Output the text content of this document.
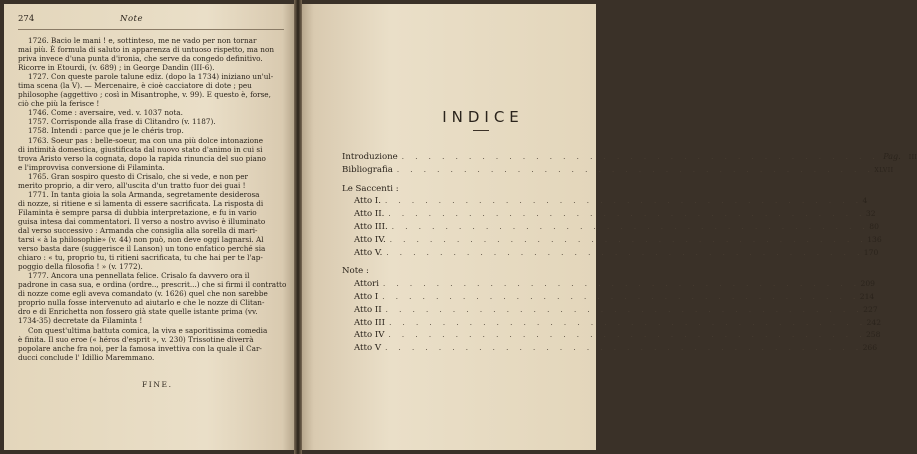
274	Note
1726. Bacio le mani ! e, sottinteso, me ne vado per non tornar
mai più. È formula di saluto in apparenza di untuoso rispetto, ma non
priva invece d'una punta d'ironia, che serve da congedo definitivo.
Ricorre in Etourdi, (v. 689) ; in George Dandin (III-6).
1727. Con queste parole talune ediz. (dopo la 1734) iniziano un'ul-
tima scena (la V). — Mercenaire, è cioè cacciatore di dote ; peu
philosophe (aggettivo ; così in Misantrophe, v. 99). E questo è, forse,
ciò che più la ferisce !
1746. Come : aversaire, ved. v. 1037 nota.
1757. Corrisponde alla frase di Clitandro (v. 1187).
1758. Intendi : parce que je le chéris trop.
1763. Soeur pas : belle-soeur, ma con una più dolce intonazione
di intimità domestica, giustificata dal nuovo stato d'animo in cui si
trova Aristo verso la cognata, dopo la rapida rinuncia del suo piano
e l'improvvisa conversione di Filaminta.
1765. Gran sospiro questo di Crisalo, che si vede, e non per
merito proprio, a dir vero, all'uscita d'un tratto fuor dei guai !
1771. In tanta gioia la sola Armanda, segretamente desiderosa
di nozze, si ritiene e si lamenta di essere sacrificata. La risposta di
Filaminta è sempre parsa di dubbia interpretazione, e fu in vario
guisa intesa dai commentatori. Il verso a nostro avviso è illuminato
dal verso successivo : Armanda che consiglia alla sorella di mari-
tarsi « à la philosophie» (v. 44) non può, non deve oggi lagnarsi. Al
verso basta dare (suggerisce il Lanson) un tono enfatico perché sia
chiaro : « tu, proprio tu, ti ritieni sacrificata, tu che hai per te l'ap-
poggio della filosofia ! » (v. 1772).
1777. Ancora una pennellata felice. Crisalo fa davvero ora il
padrone in casa sua, e ordina (ordre.., prescrit...) che si firmi il contratto
di nozze come egli aveva comandato (v. 1626) quel che non sarebbe
proprio nulla fosse intervenuto ad aiutarlo e che le nozze di Clitan-
dro e di Enrichetta non fossero già state quelle istante prima (vv.
1734-35) decretate da Filaminta !
Con quest'ultima battuta comica, la viva e saporitissima comedia
è finita. Il suo eroe (« héros d'esprit », v. 230) Trissotine diverrà
popolare anche fra noi, per la famosa invettiva con la quale il Car-
ducci conclude l' Idillio Maremmano.
FINE.
INDICE
Introduzione . . . . . . . . . . . . . . . . . . . . . . . . . . . . . . . . . . . . Pag.	III
Bibliografia . . . . . . . . . . . . . . . . . . . . . . . . . . . . . . . . . . . . XLVII
Le Saccenti :
Atto I. . . . . . . . . . . . . . . . . . . . . . . . . . . . . . . . . . . . . 4
Atto II. . . . . . . . . . . . . . . . . . . . . . . . . . . . . . . . . . . . . 32
Atto III. . . . . . . . . . . . . . . . . . . . . . . . . . . . . . . . . . . . . 80
Atto IV. . . . . . . . . . . . . . . . . . . . . . . . . . . . . . . . . . . . . 136
Atto V. . . . . . . . . . . . . . . . . . . . . . . . . . . . . . . . . . . . . 170
Note :
Attori . . . . . . . . . . . . . . . . . . . . . . . . . . . . . . . . . . . . 209
Atto I . . . . . . . . . . . . . . . . . . . . . . . . . . . . . . . . . . . . 214
Atto II . . . . . . . . . . . . . . . . . . . . . . . . . . . . . . . . . . . . 227
Atto III . . . . . . . . . . . . . . . . . . . . . . . . . . . . . . . . . . . . 242
Atto IV . . . . . . . . . . . . . . . . . . . . . . . . . . . . . . . . . . . . 258
Atto V . . . . . . . . . . . . . . . . . . . . . . . . . . . . . . . . . . . . 266
